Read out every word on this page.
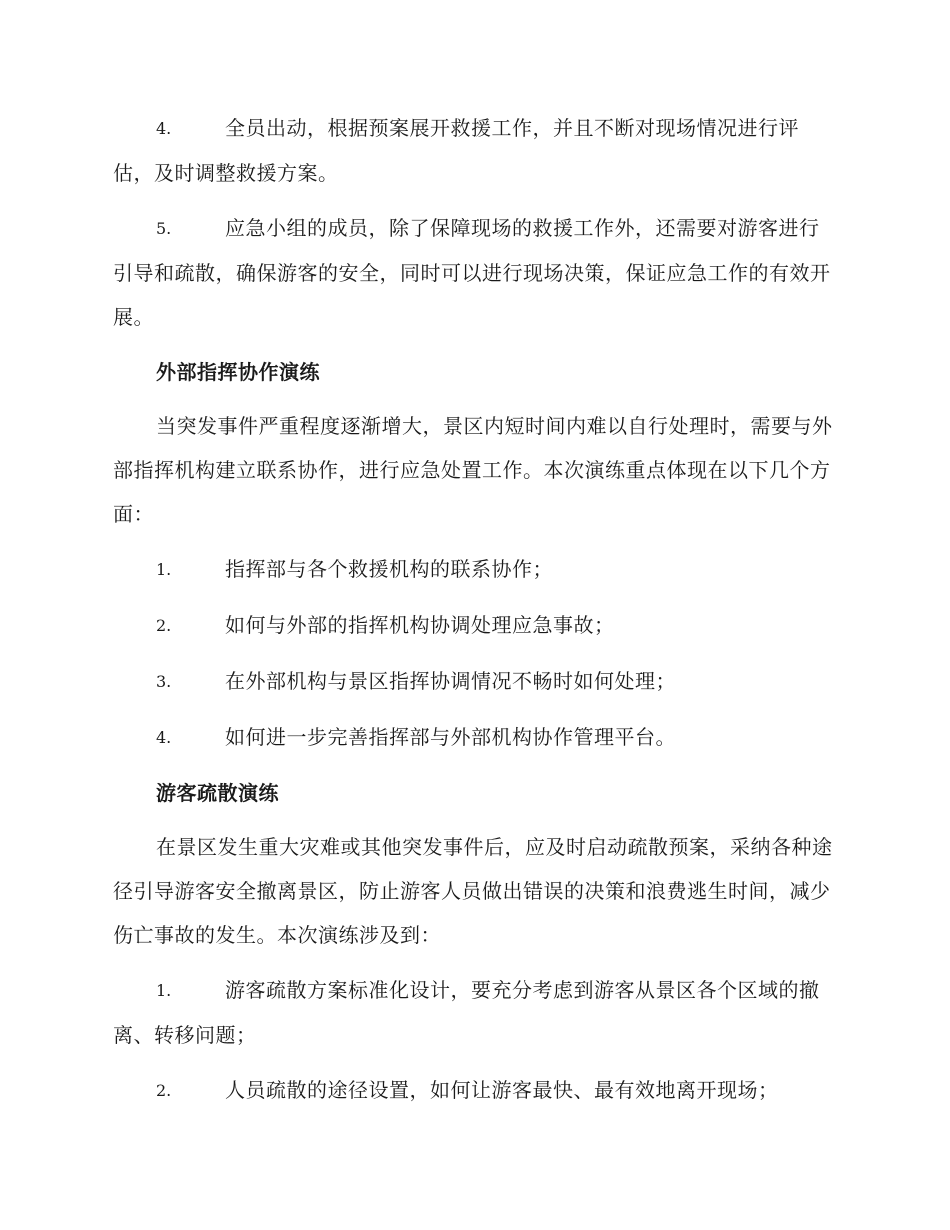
4.	全员出动，根据预案展开救援工作，并且不断对现场情况进行评估，及时调整救援方案。
5.	应急小组的成员，除了保障现场的救援工作外，还需要对游客进行引导和疏散，确保游客的安全，同时可以进行现场决策，保证应急工作的有效开展。
外部指挥协作演练
当突发事件严重程度逐渐增大，景区内短时间内难以自行处理时，需要与外部指挥机构建立联系协作，进行应急处置工作。本次演练重点体现在以下几个方面：
1.	指挥部与各个救援机构的联系协作；
2.	如何与外部的指挥机构协调处理应急事故；
3.	在外部机构与景区指挥协调情况不畅时如何处理；
4.	如何进一步完善指挥部与外部机构协作管理平台。
游客疏散演练
在景区发生重大灾难或其他突发事件后，应及时启动疏散预案，采纳各种途径引导游客安全撤离景区，防止游客人员做出错误的决策和浪费逃生时间，减少伤亡事故的发生。本次演练涉及到：
1.	游客疏散方案标准化设计，要充分考虑到游客从景区各个区域的撤离、转移问题；
2.	人员疏散的途径设置，如何让游客最快、最有效地离开现场；
